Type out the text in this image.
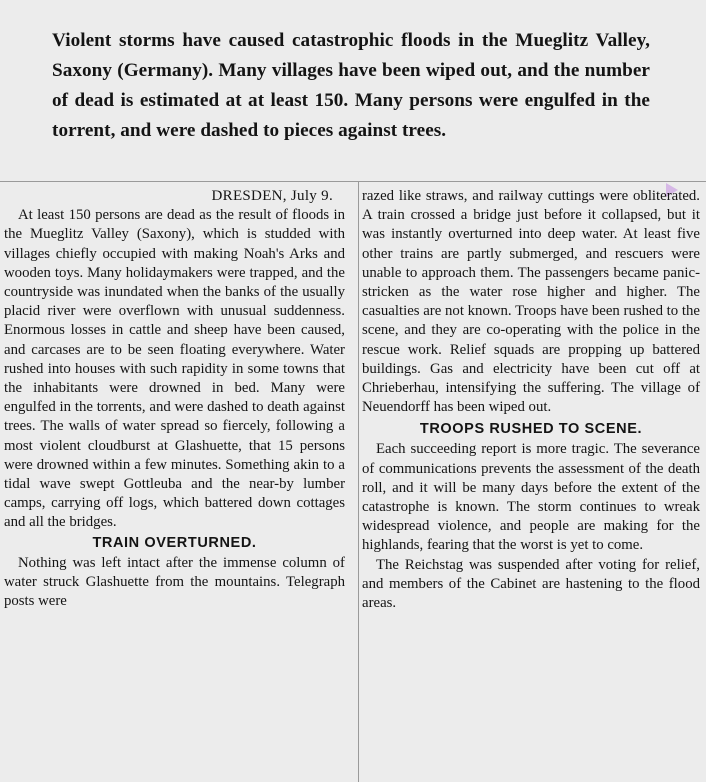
Violent storms have caused catastrophic floods in the Mueglitz Valley, Saxony (Germany). Many villages have been wiped out, and the number of dead is estimated at at least 150. Many persons were engulfed in the torrent, and were dashed to pieces against trees.
DRESDEN, July 9.

At least 150 persons are dead as the result of floods in the Mueglitz Valley (Saxony), which is studded with villages chiefly occupied with making Noah's Arks and wooden toys. Many holidaymakers were trapped, and the countryside was inundated when the banks of the usually placid river were overflown with unusual suddenness. Enormous losses in cattle and sheep have been caused, and carcases are to be seen floating everywhere. Water rushed into houses with such rapidity in some towns that the inhabitants were drowned in bed. Many were engulfed in the torrents, and were dashed to death against trees. The walls of water spread so fiercely, following a most violent cloudburst at Glashuette, that 15 persons were drowned within a few minutes. Something akin to a tidal wave swept Gottleuba and the near-by lumber camps, carrying off logs, which battered down cottages and all the bridges.

TRAIN OVERTURNED.

Nothing was left intact after the immense column of water struck Glashuette from the mountains. Telegraph posts were

razed like straws, and railway cuttings were obliterated. A train crossed a bridge just before it collapsed, but it was instantly overturned into deep water. At least five other trains are partly submerged, and rescuers were unable to approach them. The passengers became panic-stricken as the water rose higher and higher. The casualties are not known. Troops have been rushed to the scene, and they are co-operating with the police in the rescue work. Relief squads are propping up battered buildings. Gas and electricity have been cut off at Chrieberhau, intensifying the suffering. The village of Neuendorff has been wiped out.

TROOPS RUSHED TO SCENE.

Each succeeding report is more tragic. The severance of communications prevents the assessment of the death roll, and it will be many days before the extent of the catastrophe is known. The storm continues to wreak widespread violence, and people are making for the highlands, fearing that the worst is yet to come.

The Reichstag was suspended after voting for relief, and members of the Cabinet are hastening to the flood areas.
